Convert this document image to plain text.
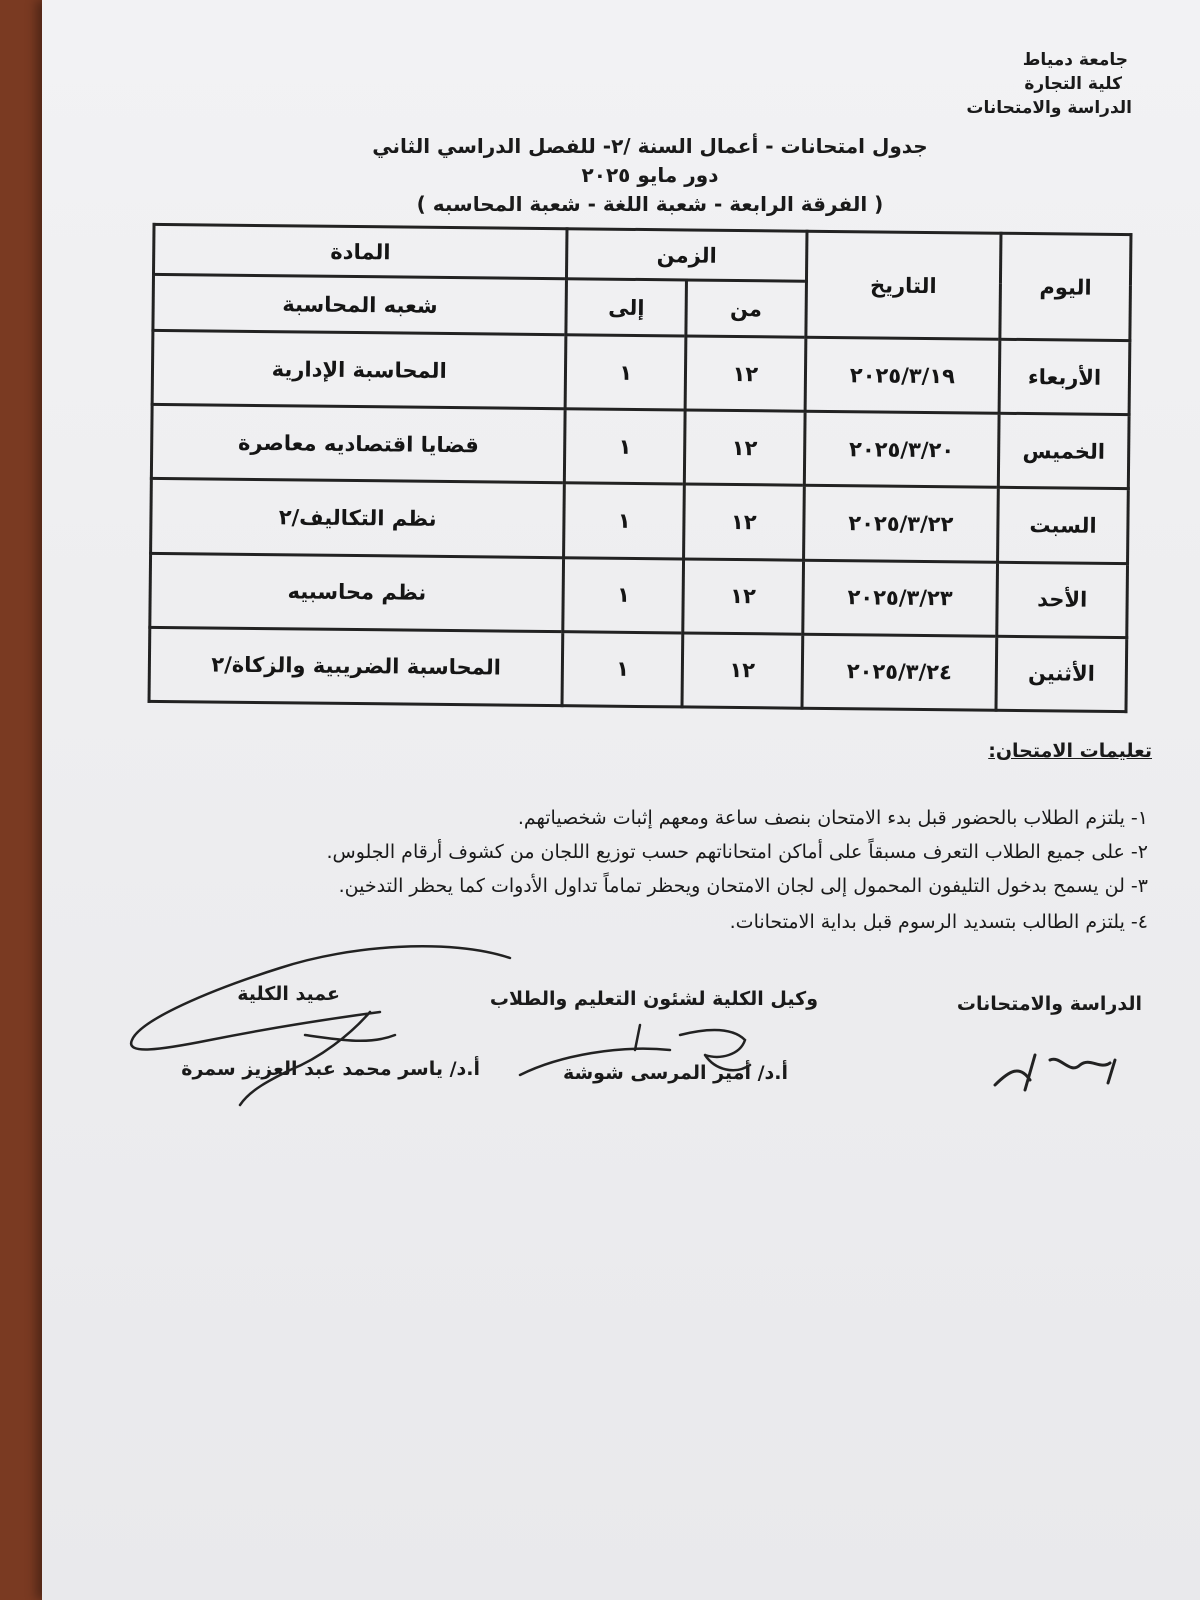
جامعة دمياط
كلية التجارة
الدراسة والامتحانات
جدول امتحانات - أعمال السنة /٢- للفصل الدراسي الثاني
دور مايو ٢٠٢٥
( الفرقة الرابعة - شعبة اللغة - شعبة المحاسبه )
اليوم	التاريخ	الزمن		المادة
		من	إلى	شعبه المحاسبة
الأربعاء	٢٠٢٥/٣/١٩	١٢	١	المحاسبة الإدارية
الخميس	٢٠٢٥/٣/٢٠	١٢	١	قضايا اقتصاديه معاصرة
السبت	٢٠٢٥/٣/٢٢	١٢	١	نظم التكاليف/٢
الأحد	٢٠٢٥/٣/٢٣	١٢	١	نظم محاسبيه
الأثنين	٢٠٢٥/٣/٢٤	١٢	١	المحاسبة الضريبية والزكاة/٢
تعليمات الامتحان:
١- يلتزم الطلاب بالحضور قبل بدء الامتحان بنصف ساعة ومعهم إثبات شخصياتهم.
٢- على جميع الطلاب التعرف مسبقاً على أماكن امتحاناتهم حسب توزيع اللجان من كشوف أرقام الجلوس.
٣- لن يسمح بدخول التليفون المحمول إلى لجان الامتحان ويحظر تماماً تداول الأدوات كما يحظر التدخين.
٤- يلتزم الطالب بتسديد الرسوم قبل بداية الامتحانات.
الدراسة والامتحانات
وكيل الكلية لشئون التعليم والطلاب
أ.د/ أمير المرسى شوشة
عميد الكلية
أ.د/ ياسر محمد عبد العزيز سمرة
